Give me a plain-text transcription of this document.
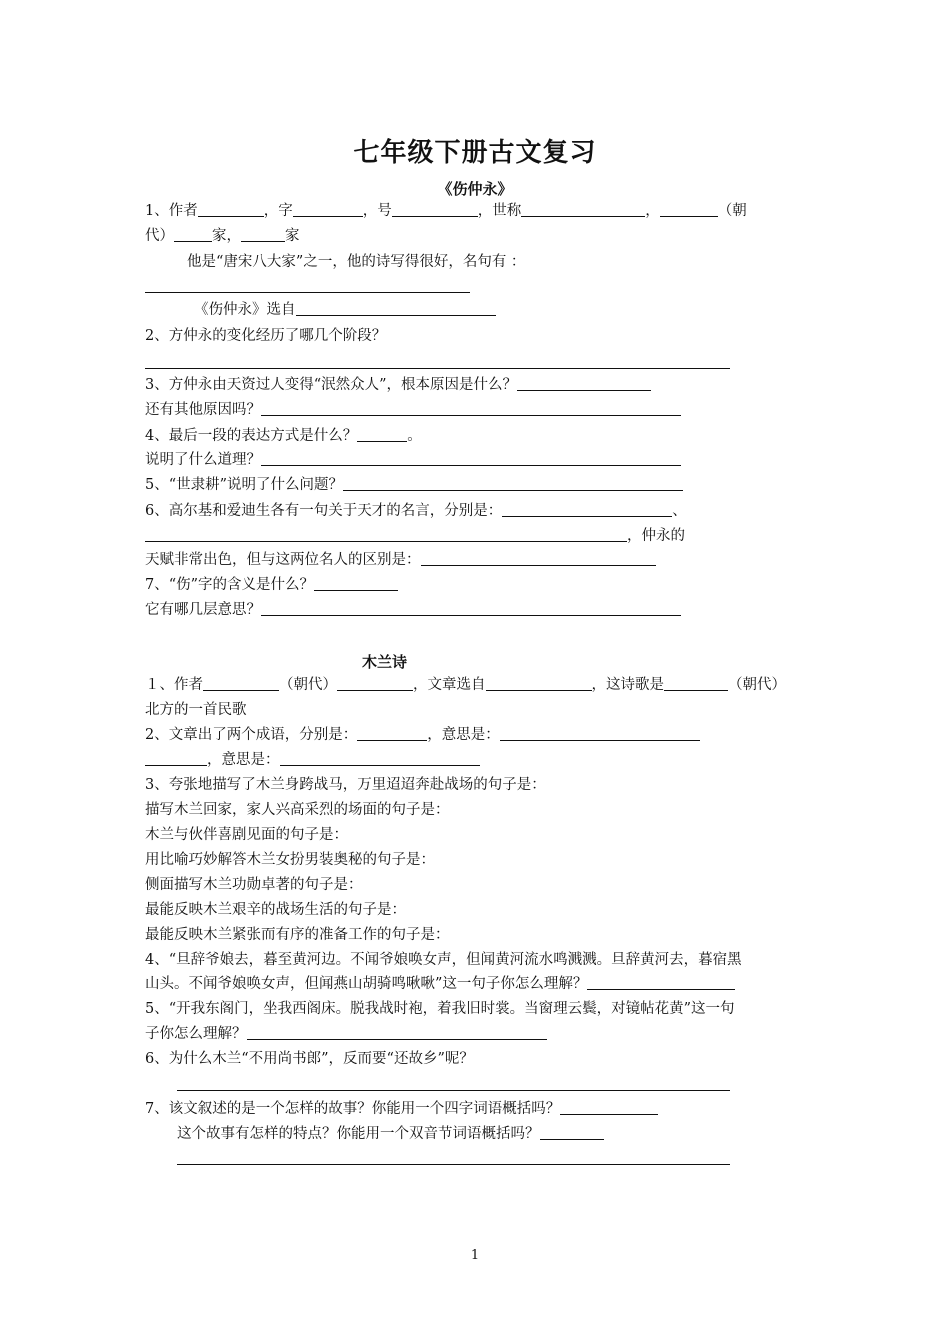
七年级下册古文复习
《伤仲永》
1、作者	，字	，号	，世称	，	（朝
代）	家，	家
他是“唐宋八大家”之一，他的诗写得很好，名句有 ：
《伤仲永》选自
2、方仲永的变化经历了哪几个阶段？
3、方仲永由天资过人变得“泯然众人”，根本原因是什么？
还有其他原因吗？
4、最后一段的表达方式是什么？	。
说明了什么道理？
5、“世隶耕”说明了什么问题？
6、高尔基和爱迪生各有一句关于天才的名言，分别是：	、
，仲永的
天赋非常出色，但与这两位名人的区别是：
7、“伤”字的含义是什么？
它有哪几层意思？
木兰诗
１、作者	（朝代）	，文章选自	，这诗歌是	（朝代）
北方的一首民歌
2、文章出了两个成语，分别是：	，意思是：
，意思是：
3、夸张地描写了木兰身跨战马，万里迢迢奔赴战场的句子是：
描写木兰回家，家人兴高采烈的场面的句子是：
木兰与伙伴喜剧见面的句子是：
用比喻巧妙解答木兰女扮男装奥秘的句子是：
侧面描写木兰功勋卓著的句子是：
最能反映木兰艰辛的战场生活的句子是：
最能反映木兰紧张而有序的准备工作的句子是：
4、“旦辞爷娘去，暮至黄河边。不闻爷娘唤女声，但闻黄河流水鸣溅溅。旦辞黄河去，暮宿黑
山头。不闻爷娘唤女声，但闻燕山胡骑鸣啾啾”这一句子你怎么理解？
5、“开我东阁门，坐我西阁床。脱我战时袍，着我旧时裳。当窗理云鬓，对镜帖花黄”这一句
子你怎么理解？
6、为什么木兰“不用尚书郎”，反而要“还故乡”呢？
7、该文叙述的是一个怎样的故事？你能用一个四字词语概括吗？
这个故事有怎样的特点？你能用一个双音节词语概括吗？
1
